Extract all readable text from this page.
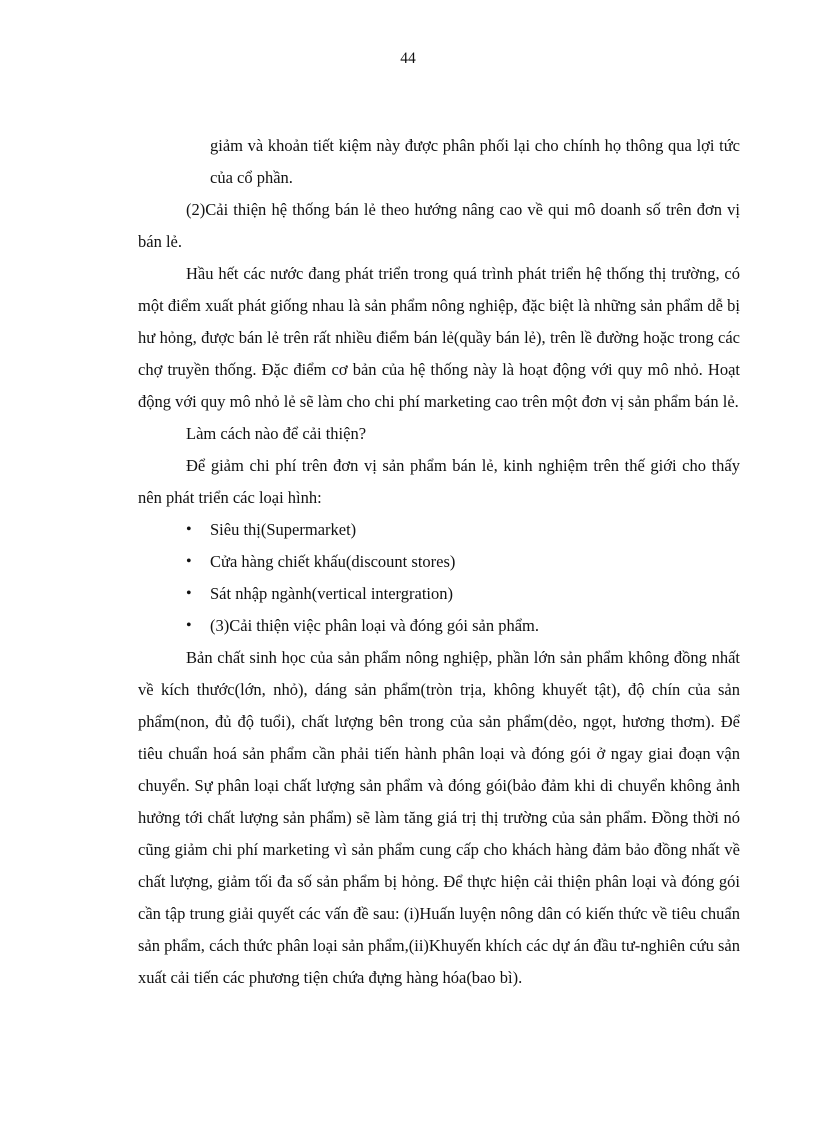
44

giảm và khoản tiết kiệm này được phân phối lại cho chính họ thông qua lợi tức của cổ phần.

(2)Cải thiện hệ thống bán lẻ theo hướng nâng cao về qui mô doanh số trên đơn vị bán lẻ.

Hầu hết các nước đang phát triển trong quá trình phát triển hệ thống thị trường, có một điểm xuất phát giống nhau là sản phẩm nông nghiệp, đặc biệt là những sản phẩm dễ bị hư hỏng, được bán lẻ trên rất nhiều điểm bán lẻ(quầy bán lẻ), trên lề đường hoặc trong các chợ truyền thống. Đặc điểm cơ bản của hệ thống này là hoạt động với quy mô nhỏ. Hoạt động với quy mô nhỏ lẻ sẽ làm cho chi phí marketing cao trên một đơn vị sản phẩm bán lẻ.

Làm cách nào để cải thiện?

Để giảm chi phí trên đơn vị sản phẩm bán lẻ, kinh nghiệm trên thế giới cho thấy nên phát triển các loại hình:

• Siêu thị(Supermarket)
• Cửa hàng chiết khấu(discount stores)
• Sát nhập ngành(vertical intergration)
• (3)Cải thiện việc phân loại và đóng gói sản phẩm.

Bản chất sinh học của sản phẩm nông nghiệp, phần lớn sản phẩm không đồng nhất về kích thước(lớn, nhỏ), dáng sản phẩm(tròn trịa, không khuyết tật), độ chín của sản phẩm(non, đủ độ tuổi), chất lượng bên trong của sản phẩm(dẻo, ngọt, hương thơm). Để tiêu chuẩn hoá sản phẩm cần phải tiến hành phân loại và đóng gói ở ngay giai đoạn vận chuyển. Sự phân loại chất lượng sản phẩm và đóng gói(bảo đảm khi di chuyển không ảnh hưởng tới chất lượng sản phẩm) sẽ làm tăng giá trị thị trường của sản phẩm. Đồng thời nó cũng giảm chi phí marketing vì sản phẩm cung cấp cho khách hàng đảm bảo đồng nhất về chất lượng, giảm tối đa số sản phẩm bị hỏng. Để thực hiện cải thiện phân loại và đóng gói cần tập trung giải quyết các vấn đề sau: (i)Huấn luyện nông dân có kiến thức về tiêu chuẩn sản phẩm, cách thức phân loại sản phẩm,(ii)Khuyến khích các dự án đầu tư-nghiên cứu sản xuất cải tiến các phương tiện chứa đựng hàng hóa(bao bì).
